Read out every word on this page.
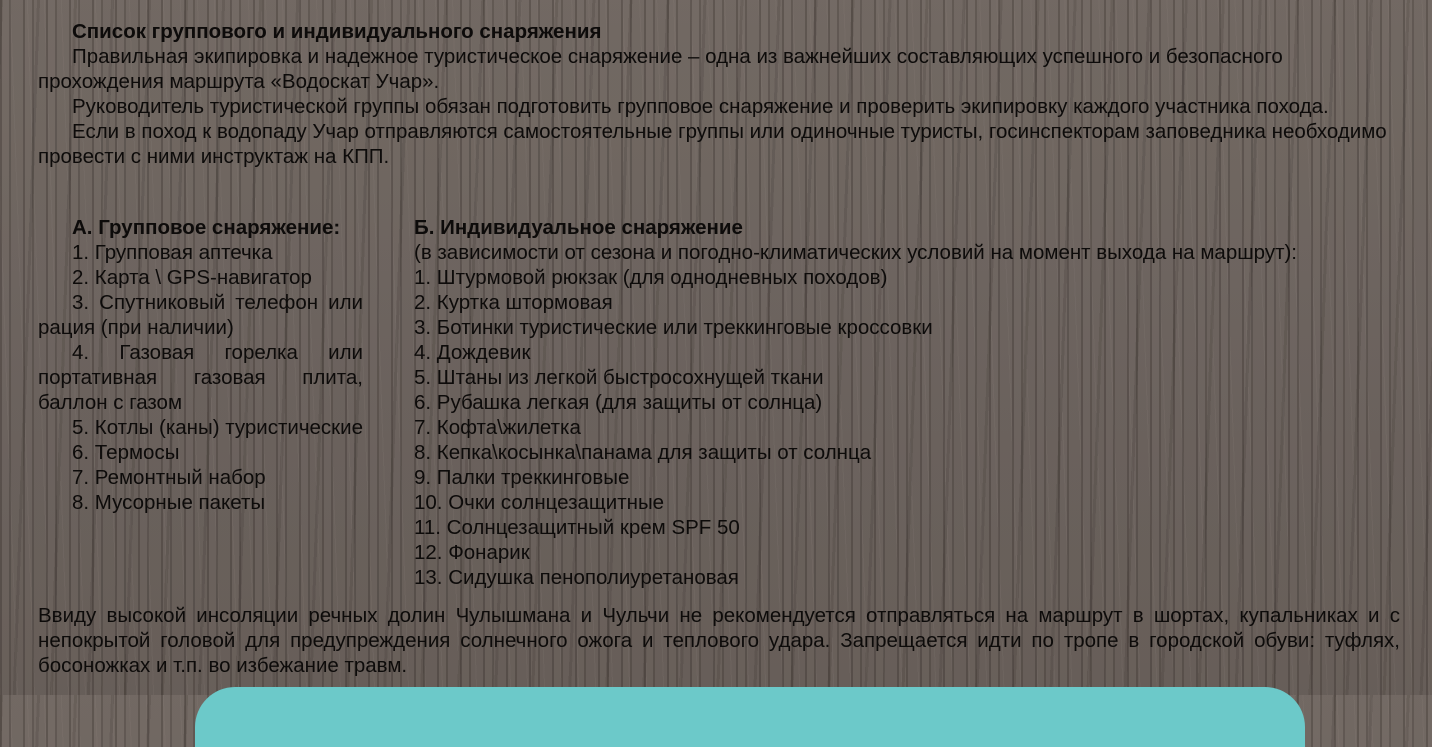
Список группового и индивидуального снаряжения

Правильная экипировка и надежное туристическое снаряжение – одна из важнейших составляющих успешного и безопасного прохождения маршрута «Водоскат Учар».

Руководитель туристической группы обязан подготовить групповое снаряжение и проверить экипировку каждого участника похода.

Если в поход к водопаду Учар отправляются самостоятельные группы или одиночные туристы, госинспекторам заповедника необходимо провести с ними инструктаж на КПП.

А. Групповое снаряжение:
1. Групповая аптечка
2. Карта \ GPS-навигатор
3. Спутниковый телефон или рация (при наличии)
4. Газовая горелка или портативная газовая плита, баллон с газом
5. Котлы (каны) туристические
6. Термосы
7. Ремонтный набор
8. Мусорные пакеты
Б. Индивидуальное снаряжение
(в зависимости от сезона и погодно-климатических условий на момент выхода на маршрут):
1. Штурмовой рюкзак (для однодневных походов)
2. Куртка штормовая
3. Ботинки туристические или треккинговые кроссовки
4. Дождевик
5. Штаны из легкой быстросохнущей ткани
6. Рубашка легкая (для защиты от солнца)
7. Кофта\жилетка
8. Кепка\косынка\панама для защиты от солнца
9. Палки треккинговые
10. Очки солнцезащитные
11. Солнцезащитный крем SPF 50
12. Фонарик
13. Сидушка пенополиуретановая
Ввиду высокой инсоляции речных долин Чулышмана и Чульчи не рекомендуется отправляться на маршрут в шортах, купальниках и с непокрытой головой для предупреждения солнечного ожога и теплового удара. Запрещается идти по тропе в городской обуви: туфлях, босоножках и т.п. во избежание травм.
